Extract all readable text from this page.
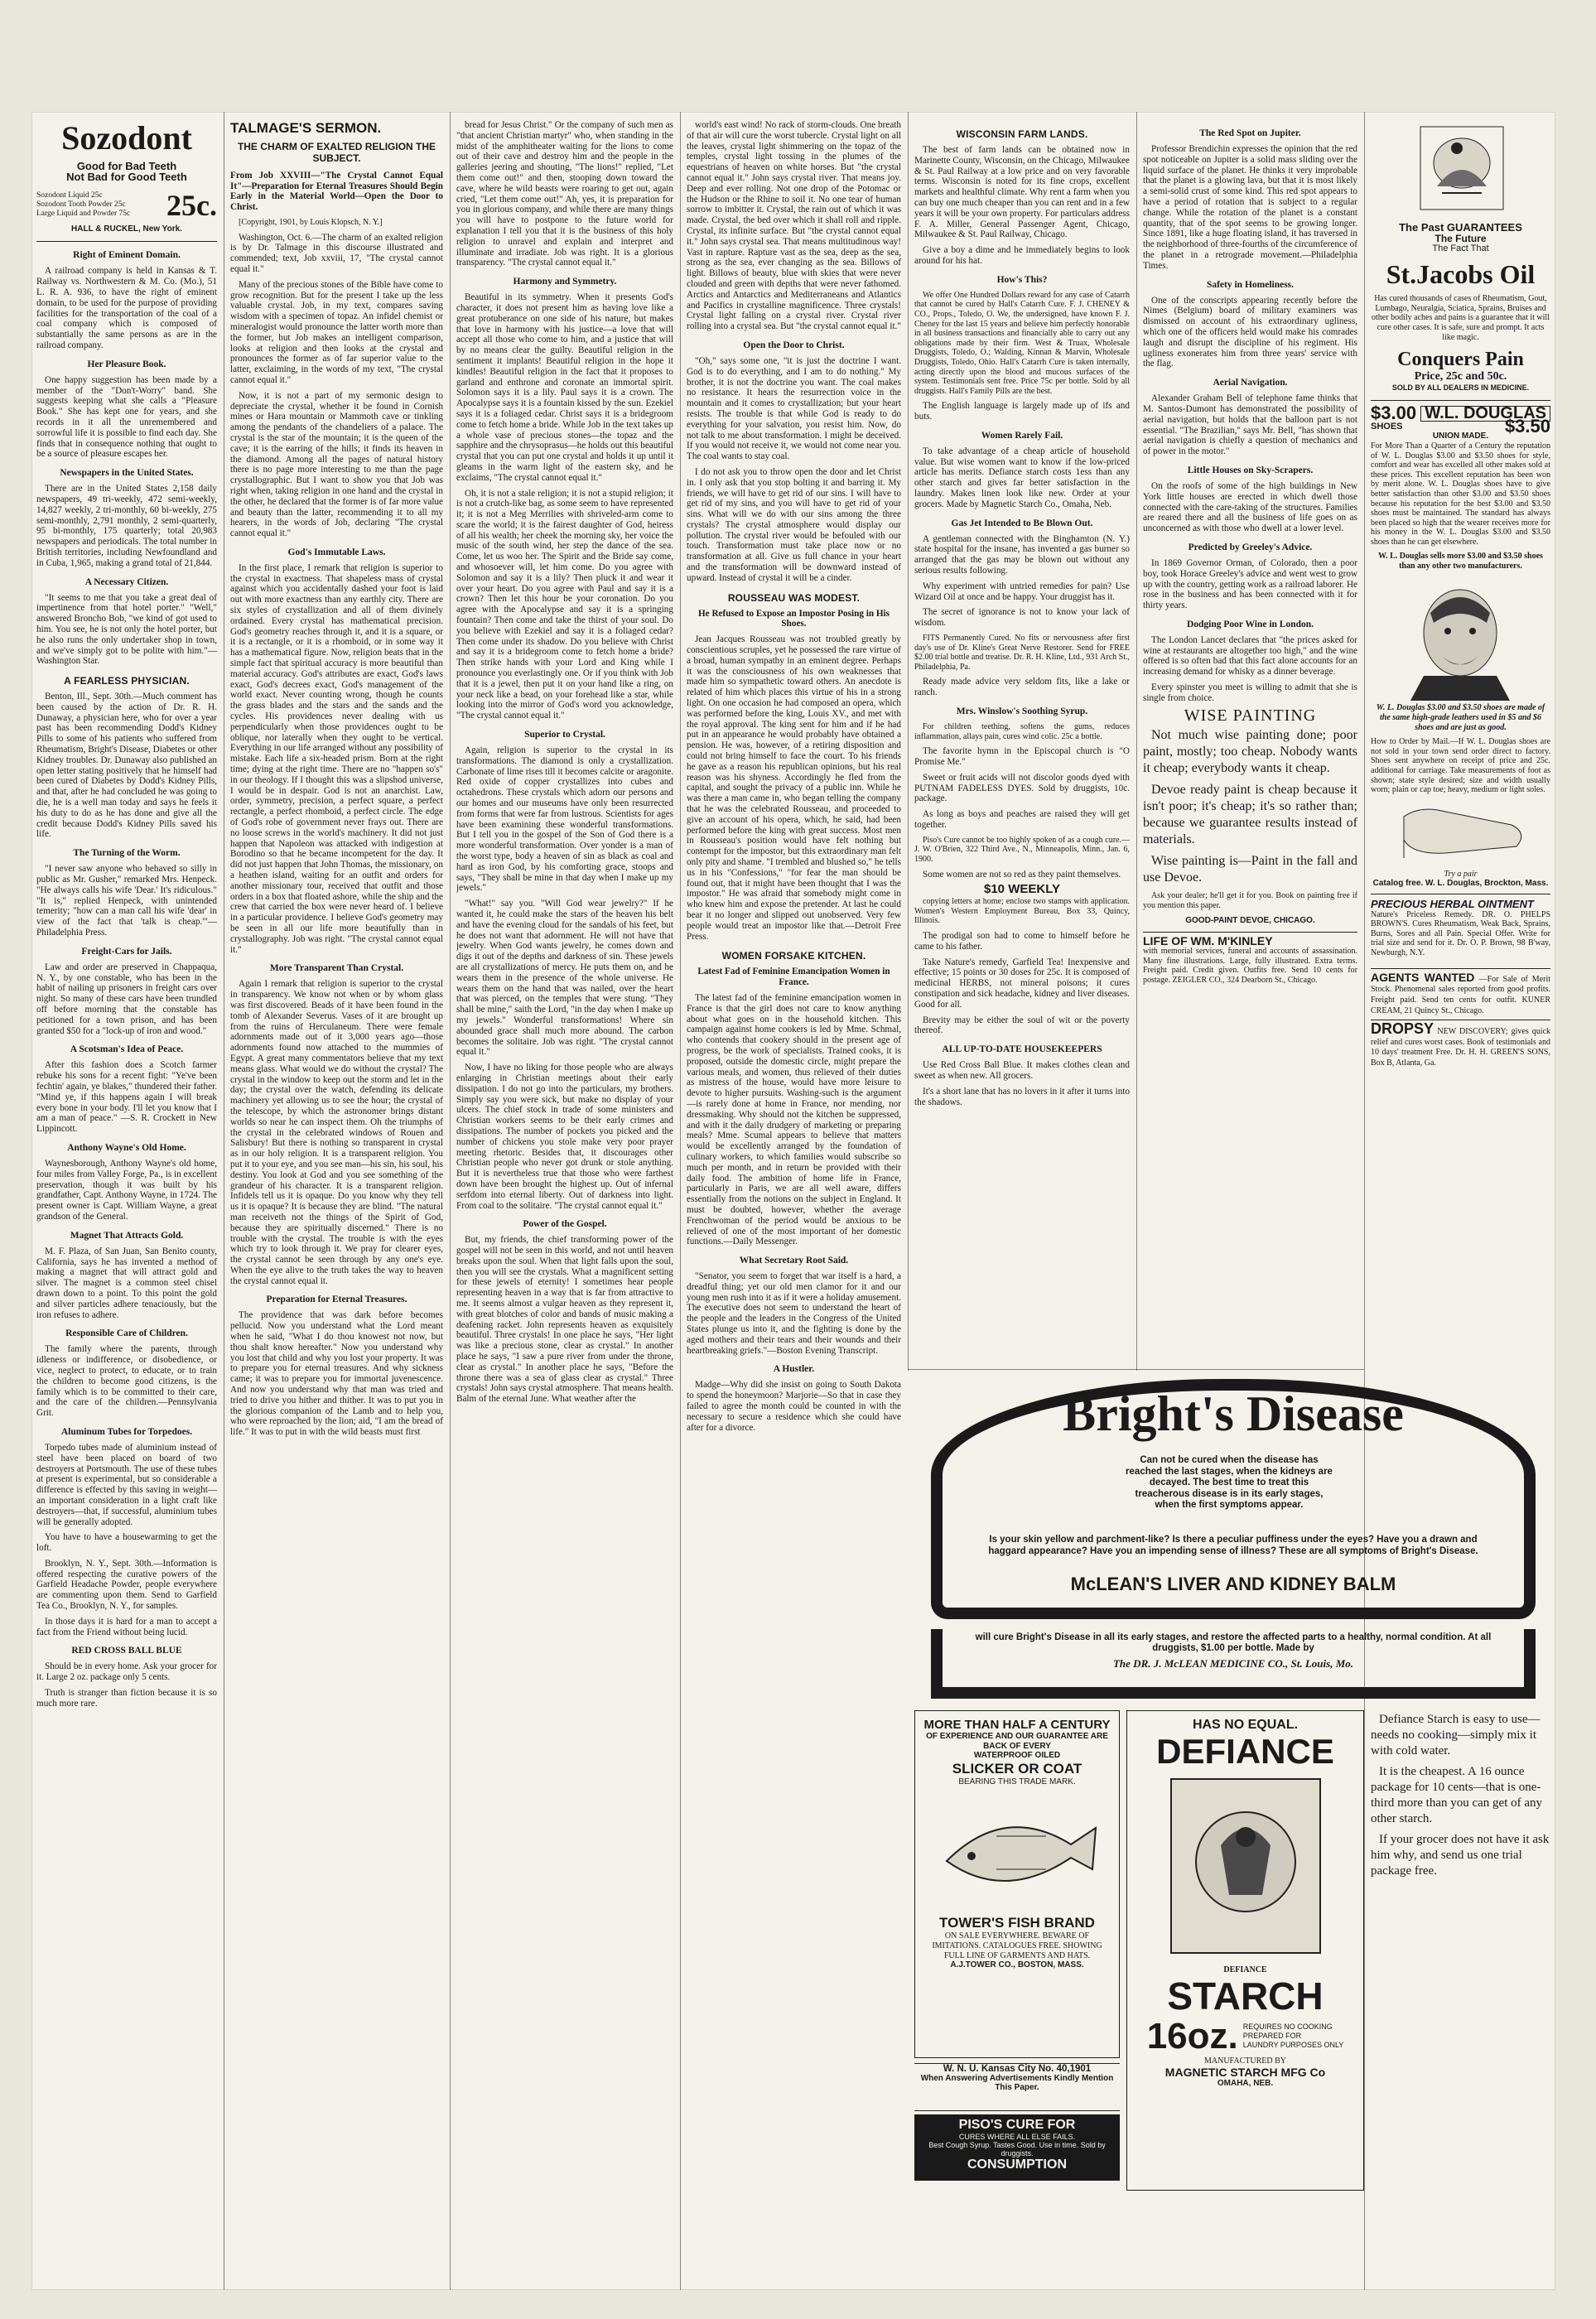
Sozodont
Good for Bad Teeth
Not Bad for Good Teeth
Sozodont Liquid 25c
Sozodont Tooth Powder 25c
Large Liquid and Powder 75c	25c.
HALL & RUCKEL, New York.
Right of Eminent Domain.

A railroad company is held in Kansas & T. Railway vs. Northwestern & M. Co. (Mo.), 51 L. R. A. 936, to have the right of eminent domain, to be used for the purpose of providing facilities for the transportation of the coal of a coal company which is composed of substantially the same persons as are in the railroad company.

Her Pleasure Book.

One happy suggestion has been made by a member of the "Don't-Worry" band. She suggests keeping what she calls a "Pleasure Book." She has kept one for years, and she records in it all the unremembered and sorrowful life it is possible to find each day. She finds that in consequence nothing that ought to be a source of pleasure escapes her.

Newspapers in the United States.

There are in the United States 2,158 daily newspapers, 49 tri-weekly, 472 semi-weekly, 14,827 weekly, 2 tri-monthly, 60 bi-weekly, 275 semi-monthly, 2,791 monthly, 2 semi-quarterly, 95 bi-monthly, 175 quarterly; total 20,983 newspapers and periodicals. The total number in British territories, including Newfoundland and in Cuba, 1,965, making a grand total of 21,844.

A Necessary Citizen.

"It seems to me that you take a great deal of impertinence from that hotel porter." "Well," answered Broncho Bob, "we kind of got used to him. You see, he is not only the hotel porter, but he also runs the only undertaker shop in town, and we've simply got to be polite with him."—Washington Star.

A FEARLESS PHYSICIAN.

Benton, Ill., Sept. 30th.—Much comment has been caused by the action of Dr. R. H. Dunaway, a physician here, who for over a year past has been recommending Dodd's Kidney Pills to some of his patients who suffered from Rheumatism, Bright's Disease, Diabetes or other Kidney troubles. Dr. Dunaway also published an open letter stating positively that he himself had been cured of Diabetes by Dodd's Kidney Pills, and that, after he had concluded he was going to die, he is a well man today and says he feels it his duty to do as he has done and give all the credit because Dodd's Kidney Pills saved his life.

The Turning of the Worm.

"I never saw anyone who behaved so silly in public as Mr. Gusher," remarked Mrs. Henpeck. "He always calls his wife 'Dear.' It's ridiculous." "It is," replied Henpeck, with unintended temerity; "how can a man call his wife 'dear' in view of the fact that 'talk is cheap.'"—Philadelphia Press.

Freight-Cars for Jails.

Law and order are preserved in Chappaqua, N. Y., by one constable, who has been in the habit of nailing up prisoners in freight cars over night. So many of these cars have been trundled off before morning that the constable has petitioned for a town prison, and has been granted $50 for a "lock-up of iron and wood."

A Scotsman's Idea of Peace.

After this fashion does a Scotch farmer rebuke his sons for a recent fight: "Ye've been fechtin' again, ye blakes," thundered their father. "Mind ye, if this happens again I will break every bone in your body. I'll let you know that I am a man of peace." —S. R. Crockett in New Lippincott.

Anthony Wayne's Old Home.

Waynesborough, Anthony Wayne's old home, four miles from Valley Forge, Pa., is in excellent preservation, though it was built by his grandfather, Capt. Anthony Wayne, in 1724. The present owner is Capt. William Wayne, a great grandson of the General.

Magnet That Attracts Gold.

M. F. Plaza, of San Juan, San Benito county, California, says he has invented a method of making a magnet that will attract gold and silver. The magnet is a common steel chisel drawn down to a point. To this point the gold and silver particles adhere tenaciously, but the iron refuses to adhere.

Responsible Care of Children.

The family where the parents, through idleness or indifference, or disobedience, or vice, neglect to protect, to educate, or to train the children to become good citizens, is the family which is to be committed to their care, and the care of the children.—Pennsylvania Grit.

Aluminum Tubes for Torpedoes.

Torpedo tubes made of aluminium instead of steel have been placed on board of two destroyers at Portsmouth. The use of these tubes at present is experimental, but so considerable a difference is effected by this saving in weight—an important consideration in a light craft like destroyers—that, if successful, aluminium tubes will be generally adopted.

You have to have a housewarming to get the loft.

Brooklyn, N. Y., Sept. 30th.—Information is offered respecting the curative powers of the Garfield Headache Powder, people everywhere are commenting upon them. Send to Garfield Tea Co., Brooklyn, N. Y., for samples.

In those days it is hard for a man to accept a fact from the Friend without being lucid.

RED CROSS BALL BLUE

Should be in every home. Ask your grocer for it. Large 2 oz. package only 5 cents.

Truth is stranger than fiction because it is so much more rare.

TALMAGE'S SERMON.
THE CHARM OF EXALTED RELIGION THE SUBJECT.

From Job XXVIII—"The Crystal Cannot Equal It"—Preparation for Eternal Treasures Should Begin Early in the Material World—Open the Door to Christ.

[Copyright, 1901, by Louis Klopsch, N. Y.]

Washington, Oct. 6.—The charm of an exalted religion is by Dr. Talmage in this discourse illustrated and commended; text, Job xxviii, 17, "The crystal cannot equal it."

Many of the precious stones of the Bible have come to grow recognition. But for the present I take up the less valuable crystal. Job, in my text, compares saving wisdom with a specimen of topaz. An infidel chemist or mineralogist would pronounce the latter worth more than the former, but Job makes an intelligent comparison, looks at religion and then looks at the crystal and pronounces the former as of far superior value to the latter, exclaiming, in the words of my text, "The crystal cannot equal it."

Now, it is not a part of my sermonic design to depreciate the crystal, whether it be found in Cornish mines or Hara mountain or Mammoth cave or tinkling among the pendants of the chandeliers of a palace. The crystal is the star of the mountain; it is the queen of the cave; it is the earring of the hills; it finds its heaven in the diamond. Among all the pages of natural history there is no page more interesting to me than the page crystallographic. But I want to show you that Job was right when, taking religion in one hand and the crystal in the other, he declared that the former is of far more value and beauty than the latter, recommending it to all my hearers, in the words of Job, declaring "The crystal cannot equal it."

God's Immutable Laws.

In the first place, I remark that religion is superior to the crystal in exactness. That shapeless mass of crystal against which you accidentally dashed your foot is laid out with more exactness than any earthly city. There are six styles of crystallization and all of them divinely ordained. Every crystal has mathematical precision. God's geometry reaches through it, and it is a square, or it is a rectangle, or it is a rhomboid, or in some way it has a mathematical figure. Now, religion beats that in the simple fact that spiritual accuracy is more beautiful than material accuracy. God's attributes are exact, God's laws exact, God's decrees exact, God's management of the world exact. Never counting wrong, though he counts the grass blades and the stars and the sands and the cycles. His providences never dealing with us perpendicularly when those providences ought to be oblique, nor laterally when they ought to be vertical. Everything in our life arranged without any possibility of mistake. Each life a six-headed prism. Born at the right time; dying at the right time. There are no "happen so's" in our theology. If I thought this was a slipshod universe, I would be in despair. God is not an anarchist. Law, order, symmetry, precision, a perfect square, a perfect rectangle, a perfect rhomboid, a perfect circle. The edge of God's robe of government never frays out. There are no loose screws in the world's machinery. It did not just happen that Napoleon was attacked with indigestion at Borodino so that he became incompetent for the day. It did not just happen that John Thomas, the missionary, on a heathen island, waiting for an outfit and orders for another missionary tour, received that outfit and those orders in a box that floated ashore, while the ship and the crew that carried the box were never heard of. I believe in a particular providence. I believe God's geometry may be seen in all our life more beautifully than in crystallography. Job was right. "The crystal cannot equal it."

More Transparent Than Crystal.

Again I remark that religion is superior to the crystal in transparency. We know not when or by whom glass was first discovered. Beads of it have been found in the tomb of Alexander Severus. Vases of it are brought up from the ruins of Herculaneum. There were female adornments made out of it 3,000 years ago—those adornments found now attached to the mummies of Egypt. A great many commentators believe that my text means glass. What would we do without the crystal? The crystal in the window to keep out the storm and let in the day; the crystal over the watch, defending its delicate machinery yet allowing us to see the hour; the crystal of the telescope, by which the astronomer brings distant worlds so near he can inspect them. Oh the triumphs of the crystal in the celebrated windows of Rouen and Salisbury! But there is nothing so transparent in crystal as in our holy religion. It is a transparent religion. You put it to your eye, and you see man—his sin, his soul, his destiny. You look at God and you see something of the grandeur of his character. It is a transparent religion. Infidels tell us it is opaque. Do you know why they tell us it is opaque? It is because they are blind. "The natural man receiveth not the things of the Spirit of God, because they are spiritually discerned." There is no trouble with the crystal. The trouble is with the eyes which try to look through it. We pray for clearer eyes, the crystal cannot be seen through by any one's eye. When the eye alive to the truth takes the way to heaven the crystal cannot equal it.

Preparation for Eternal Treasures.

The providence that was dark before becomes pellucid. Now you understand what the Lord meant when he said, "What I do thou knowest not now, but thou shalt know hereafter." Now you understand why you lost that child and why you lost your property. It was to prepare you for eternal treasures. And why sickness came; it was to prepare you for immortal juvenescence. And now you understand why that man was tried and tried to drive you hither and thither. It was to put you in the glorious companion of the Lamb and to help you, who were reproached by the lion; aid, "I am the bread of life." It was to put in with the wild beasts must first

bread for Jesus Christ." Or the company of such men as "that ancient Christian martyr" who, when standing in the midst of the amphitheater waiting for the lions to come out of their cave and destroy him and the people in the galleries jeering and shouting, "The lions!" replied, "Let them come out!" and then, stooping down toward the cave, where he wild beasts were roaring to get out, again cried, "Let them come out!" Ah, yes, it is preparation for you in glorious company, and while there are many things you will have to postpone to the future world for explanation I tell you that it is the business of this holy religion to unravel and explain and interpret and illuminate and irradiate. Job was right. It is a glorious transparency. "The crystal cannot equal it."

Harmony and Symmetry.

Beautiful in its symmetry. When it presents God's character, it does not present him as having love like a great protuberance on one side of his nature, but makes that love in harmony with his justice—a love that will accept all those who come to him, and a justice that will by no means clear the guilty. Beautiful religion in the sentiment it implants! Beautiful religion in the hope it kindles! Beautiful religion in the fact that it proposes to garland and enthrone and coronate an immortal spirit. Solomon says it is a lily. Paul says it is a crown. The Apocalypse says it is a fountain kissed by the sun. Ezekiel says it is a foliaged cedar. Christ says it is a bridegroom come to fetch home a bride. While Job in the text takes up a whole vase of precious stones—the topaz and the sapphire and the chrysoprasus—he holds out this beautiful crystal that you can put one crystal and holds it up until it gleams in the warm light of the eastern sky, and he exclaims, "The crystal cannot equal it."

Oh, it is not a stale religion; it is not a stupid religion; it is not a crutch-like bag, as some seem to have represented it; it is not a Meg Merrilies with shriveled-arm come to scare the world; it is the fairest daughter of God, heiress of all his wealth; her cheek the morning sky, her voice the music of the south wind, her step the dance of the sea. Come, let us woo her. The Spirit and the Bride say come, and whosoever will, let him come. Do you agree with Solomon and say it is a lily? Then pluck it and wear it over your heart. Do you agree with Paul and say it is a crown? Then let this hour be your coronation. Do you agree with the Apocalypse and say it is a springing fountain? Then come and take the thirst of your soul. Do you believe with Ezekiel and say it is a foliaged cedar? Then come under its shadow. Do you believe with Christ and say it is a bridegroom come to fetch home a bride? Then strike hands with your Lord and King while I pronounce you everlastingly one. Or if you think with Job that it is a jewel, then put it on your hand like a ring, on your neck like a bead, on your forehead like a star, while looking into the mirror of God's word you acknowledge, "The crystal cannot equal it."

Superior to Crystal.

Again, religion is superior to the crystal in its transformations. The diamond is only a crystallization. Carbonate of lime rises till it becomes calcite or aragonite. Red oxide of copper crystallizes into cubes and octahedrons. These crystals which adorn our persons and our homes and our museums have only been resurrected from forms that were far from lustrous. Scientists for ages have been examining these wonderful transformations. But I tell you in the gospel of the Son of God there is a more wonderful transformation. Over yonder is a man of the worst type, body a heaven of sin as black as coal and hard as iron God, by his comforting grace, stoops and says, "They shall be mine in that day when I make up my jewels."

"What!" say you. "Will God wear jewelry?" If he wanted it, he could make the stars of the heaven his belt and have the evening cloud for the sandals of his feet, but he does not want that adornment. He will not have that jewelry. When God wants jewelry, he comes down and digs it out of the depths and darkness of sin. These jewels are all crystallizations of mercy. He puts them on, and he wears them in the presence of the whole universe. He wears them on the hand that was nailed, over the heart that was pierced, on the temples that were stung. "They shall be mine," saith the Lord, "in the day when I make up my jewels." Wonderful transformations! Where sin abounded grace shall much more abound. The carbon becomes the solitaire. Job was right. "The crystal cannot equal it."

Now, I have no liking for those people who are always enlarging in Christian meetings about their early dissipation. I do not go into the particulars, my brothers. Simply say you were sick, but make no display of your ulcers. The chief stock in trade of some ministers and Christian workers seems to be their early crimes and dissipations. The number of pockets you picked and the number of chickens you stole make very poor prayer meeting rhetoric. Besides that, it discourages other Christian people who never got drunk or stole anything. But it is nevertheless true that those who were farthest down have been brought the highest up. Out of infernal serfdom into eternal liberty. Out of darkness into light. From coal to the solitaire. "The crystal cannot equal it."

Power of the Gospel.

But, my friends, the chief transforming power of the gospel will not be seen in this world, and not until heaven breaks upon the soul. When that light falls upon the soul, then you will see the crystals. What a magnificent setting for these jewels of eternity! I sometimes hear people representing heaven in a way that is far from attractive to me. It seems almost a vulgar heaven as they represent it, with great blotches of color and bands of music making a deafening racket. John represents heaven as exquisitely beautiful. Three crystals! In one place he says, "Her light was like a precious stone, clear as crystal." In another place he says, "I saw a pure river from under the throne, clear as crystal." In another place he says, "Before the throne there was a sea of glass clear as crystal." Three crystals! John says crystal atmosphere. That means health. Balm of the eternal June. What weather after the

world's east wind! No rack of storm-clouds. One breath of that air will cure the worst tubercle. Crystal light on all the leaves, crystal light shimmering on the topaz of the temples, crystal light tossing in the plumes of the equestrians of heaven on white horses. But "the crystal cannot equal it." John says crystal river. That means joy. Deep and ever rolling. Not one drop of the Potomac or the Hudson or the Rhine to soil it. No one tear of human sorrow to imbitter it. Crystal, the rain out of which it was made. Crystal, the bed over which it shall roll and ripple. Crystal, its infinite surface. But "the crystal cannot equal it." John says crystal sea. That means multitudinous way! Vast in rapture. Rapture vast as the sea, deep as the sea, strong as the sea, ever changing as the sea. Billows of light. Billows of beauty, blue with skies that were never clouded and green with depths that were never fathomed. Arctics and Antarctics and Mediterraneans and Atlantics and Pacifics in crystalline magnificence. Three crystals! Crystal light falling on a crystal river. Crystal river rolling into a crystal sea. But "the crystal cannot equal it."

Open the Door to Christ.

"Oh," says some one, "it is just the doctrine I want. God is to do everything, and I am to do nothing." My brother, it is not the doctrine you want. The coal makes no resistance. It hears the resurrection voice in the mountain and it comes to crystallization; but your heart resists. The trouble is that while God is ready to do everything for your salvation, you resist him. Now, do not talk to me about transformation. I might be deceived. If you would not receive it, we would not come near you. The coal wants to stay coal.

I do not ask you to throw open the door and let Christ in. I only ask that you stop bolting it and barring it. My friends, we will have to get rid of our sins. I will have to get rid of my sins, and you will have to get rid of your sins. What will we do with our sins among the three crystals? The crystal atmosphere would display our pollution. The crystal river would be befouled with our touch. Transformation must take place now or no transformation at all. Give us full chance in your heart and the transformation will be downward instead of upward. Instead of crystal it will be a cinder.

ROUSSEAU WAS MODEST.

He Refused to Expose an Impostor Posing in His Shoes.

Jean Jacques Rousseau was not troubled greatly by conscientious scruples, yet he possessed the rare virtue of a broad, human sympathy in an eminent degree. Perhaps it was the consciousness of his own weaknesses that made him so sympathetic toward others. An anecdote is related of him which places this virtue of his in a strong light. On one occasion he had composed an opera, which was performed before the king, Louis XV., and met with the royal approval. The king sent for him and if he had put in an appearance he would probably have obtained a pension. He was, however, of a retiring disposition and could not bring himself to face the court. To his friends he gave as a reason his republican opinions, but his real reason was his shyness. Accordingly he fled from the capital, and sought the privacy of a public inn. While he was there a man came in, who began telling the company that he was the celebrated Rousseau, and proceeded to give an account of his opera, which, he said, had been performed before the king with great success. Most men in Rousseau's position would have felt nothing but contempt for the impostor, but this extraordinary man felt only pity and shame. "I trembled and blushed so," he tells us in his "Confessions," "for fear the man should be found out, that it might have been thought that I was the impostor." He was afraid that somebody might come in who knew him and expose the pretender. At last he could bear it no longer and slipped out unobserved. Very few people would treat an impostor like that.—Detroit Free Press.

WOMEN FORSAKE KITCHEN.

Latest Fad of Feminine Emancipation Women in France.

The latest fad of the feminine emancipation women in France is that the girl does not care to know anything about what goes on in the household kitchen. This campaign against home cookers is led by Mme. Schmal, who contends that cookery should in the present age of progress, be the work of specialists. Trained cooks, it is proposed, outside the domestic circle, might prepare the various meals, and women, thus relieved of their duties as mistress of the house, would have more leisure to devote to higher pursuits. Washing-such is the argument—is rarely done at home in France, nor mending, nor dressmaking. Why should not the kitchen be suppressed, and with it the daily drudgery of marketing or preparing meals? Mme. Scumal appears to believe that matters would be excellently arranged by the foundation of culinary workers, to which families would subscribe so much per month, and in return be provided with their daily food. The ambition of home life in France, particularly in Paris, we are all well aware, differs essentially from the notions on the subject in England. It must be doubted, however, whether the average Frenchwoman of the period would be anxious to be relieved of one of the most important of her domestic functions.—Daily Messenger.

What Secretary Root Said.

"Senator, you seem to forget that war itself is a hard, a dreadful thing; yet our old men clamor for it and our young men rush into it as if it were a holiday amusement. The executive does not seem to understand the heart of the people and the leaders in the Congress of the United States plunge us into it, and the fighting is done by the aged mothers and their tears and their wounds and their heartbreaking griefs."—Boston Evening Transcript.

A Hustler.

Madge—Why did she insist on going to South Dakota to spend the honeymoon? Marjorie—So that in case they failed to agree the month could be counted in with the necessary to secure a residence which she could have after for a divorce.

WISCONSIN FARM LANDS.

The best of farm lands can be obtained now in Marinette County, Wisconsin, on the Chicago, Milwaukee & St. Paul Railway at a low price and on very favorable terms. Wisconsin is noted for its fine crops, excellent markets and healthful climate. Why rent a farm when you can buy one much cheaper than you can rent and in a few years it will be your own property. For particulars address F. A. Miller, General Passenger Agent, Chicago, Milwaukee & St. Paul Railway, Chicago.

Give a boy a dime and he immediately begins to look around for his hat.

How's This?

We offer One Hundred Dollars reward for any case of Catarrh that cannot be cured by Hall's Catarrh Cure. F. J. CHENEY & CO., Props., Toledo, O. We, the undersigned, have known F. J. Cheney for the last 15 years and believe him perfectly honorable in all business transactions and financially able to carry out any obligations made by their firm. West & Truax, Wholesale Druggists, Toledo, O.; Walding, Kinnan & Marvin, Wholesale Druggists, Toledo, Ohio. Hall's Catarrh Cure is taken internally, acting directly upon the blood and mucous surfaces of the system. Testimonials sent free. Price 75c per bottle. Sold by all druggists. Hall's Family Pills are the best.

The English language is largely made up of ifs and buts.

Women Rarely Fail.

To take advantage of a cheap article of household value. But wise women want to know if the low-priced article has merits. Defiance starch costs 1ess than any other starch and gives far better satisfaction in the laundry. Makes linen look like new. Order at your grocers. Made by Magnetic Starch Co., Omaha, Neb.

Gas Jet Intended to Be Blown Out.

A gentleman connected with the Binghamton (N. Y.) state hospital for the insane, has invented a gas burner so arranged that the gas may be blown out without any serious results following.

Why experiment with untried remedies for pain? Use Wizard Oil at once and be happy. Your druggist has it.

The secret of ignorance is not to know your lack of wisdom.

FITS Permanently Cured. No fits or nervousness after first day's use of Dr. Kline's Great Nerve Restorer. Send for FREE $2.00 trial bottle and treatise. Dr. R. H. Kline, Ltd., 931 Arch St., Philadelphia, Pa.

Ready made advice very seldom fits, like a lake or ranch.

Mrs. Winslow's Soothing Syrup.

For children teething, softens the gums, reduces inflammation, allays pain, cures wind colic. 25c a bottle.

The favorite hymn in the Episcopal church is "O Promise Me."

Sweet or fruit acids will not discolor goods dyed with PUTNAM FADELESS DYES. Sold by druggists, 10c. package.

As long as boys and peaches are raised they will get together.

Piso's Cure cannot be too highly spoken of as a cough cure.—J. W. O'Brien, 322 Third Ave., N., Minneapolis, Minn., Jan. 6, 1900.

Some women are not so red as they paint themselves.

$10 WEEKLY

copying letters at home; enclose two stamps with application. Women's Western Employment Bureau, Box 33, Quincy, Illinois.

The prodigal son had to come to himself before he came to his father.

Take Nature's remedy, Garfield Tea! Inexpensive and effective; 15 points or 30 doses for 25c. It is composed of medicinal HERBS, not mineral poisons; it cures constipation and sick headache, kidney and liver diseases. Good for all.

Brevity may be either the soul of wit or the poverty thereof.

ALL UP-TO-DATE HOUSEKEEPERS

Use Red Cross Ball Blue. It makes clothes clean and sweet as when new. All grocers.

It's a short lane that has no lovers in it after it turns into the shadows.

The Red Spot on Jupiter.

Professor Brendichin expresses the opinion that the red spot noticeable on Jupiter is a solid mass sliding over the liquid surface of the planet. He thinks it very improbable that the planet is a glowing lava, but that it is most likely a semi-solid crust of some kind. This red spot appears to have a period of rotation that is subject to a regular change. While the rotation of the planet is a constant quantity, that of the spot seems to be growing longer. Since 1891, like a huge floating island, it has traversed in the neighborhood of three-fourths of the circumference of the planet in a retrograde movement.—Philadelphia Times.

Safety in Homeliness.

One of the conscripts appearing recently before the Nimes (Belgium) board of military examiners was dismissed on account of his extraordinary ugliness, which one of the officers held would make his comrades laugh and disrupt the discipline of his regiment. His ugliness exonerates him from three years' service with the flag.

Aerial Navigation.

Alexander Graham Bell of telephone fame thinks that M. Santos-Dumont has demonstrated the possibility of aerial navigation, but holds that the balloon part is not essential. "The Brazilian," says Mr. Bell, "has shown that aerial navigation is chiefly a question of mechanics and of power in the motor."

Little Houses on Sky-Scrapers.

On the roofs of some of the high buildings in New York little houses are erected in which dwell those connected with the care-taking of the structures. Families are reared there and all the business of life goes on as unconcerned as with those who dwell at a lower level.

Predicted by Greeley's Advice.

In 1869 Governor Orman, of Colorado, then a poor boy, took Horace Greeley's advice and went west to grow up with the country, getting work as a railroad laborer. He rose in the business and has been connected with it for thirty years.

Dodging Poor Wine in London.

The London Lancet declares that "the prices asked for wine at restaurants are altogether too high," and the wine offered is so often bad that this fact alone accounts for an increasing demand for whisky as a dinner beverage.

Every spinster you meet is willing to admit that she is single from choice.

WISE PAINTING

Not much wise painting done; poor paint, mostly; too cheap. Nobody wants it cheap; everybody wants it cheap.

Devoe ready paint is cheap because it isn't poor; it's cheap; it's so rather than; because we guarantee results instead of materials.

Wise painting is—Paint in the fall and use Devoe.

Ask your dealer; he'll get it for you. Book on painting free if you mention this paper.

GOOD-PAINT DEVOE, CHICAGO.
LIFE OF WM. M'KINLEY

with memorial services, funeral and accounts of assassination. Many fine illustrations. Large, fully illustrated. Extra terms. Freight paid. Credit given. Outfits free. Send 10 cents for postage. ZEIGLER CO., 324 Dearborn St., Chicago.

The Past GUARANTEES
The Future
The Fact That
St.Jacobs Oil

Has cured thousands of cases of Rheumatism, Gout, Lumbago, Neuralgia, Sciatica, Sprains, Bruises and other bodily aches and pains is a guarantee that it will cure other cases. It is safe, sure and prompt. It acts like magic.

Conquers Pain
Price, 25c and 50c.
SOLD BY ALL DEALERS IN MEDICINE.
$3.00 W.L. DOUGLAS
SHOES	$3.50
UNION MADE.

For More Than a Quarter of a Century the reputation of W. L. Douglas $3.00 and $3.50 shoes for style, comfort and wear has excelled all other makes sold at these prices. This excellent reputation has been won by merit alone. W. L. Douglas shoes have to give better satisfaction than other $3.00 and $3.50 shoes because his reputation for the best $3.00 and $3.50 shoes must be maintained. The standard has always been placed so high that the wearer receives more for his money in the W. L. Douglas $3.00 and $3.50 shoes than he can get elsewhere.

W. L. Douglas sells more $3.00 and $3.50 shoes than any other two manufacturers.

W. L. Douglas $3.00 and $3.50 shoes are made of the same high-grade leathers used in $5 and $6 shoes and are just as good.

How to Order by Mail.—If W. L. Douglas shoes are not sold in your town send order direct to factory. Shoes sent anywhere on receipt of price and 25c. additional for carriage. Take measurements of foot as shown; state style desired; size and width usually worn; plain or cap toe; heavy, medium or light soles.

Try a pair
Catalog free. W. L. Douglas, Brockton, Mass.
PRECIOUS HERBAL OINTMENT

Nature's Priceless Remedy. DR. O. PHELPS BROWN'S. Cures Rheumatism, Weak Back, Sprains, Burns, Sores and all Pain. Special Offer. Write for trial size and send for it. Dr. O. P. Brown, 98 B'way, Newburgh, N.Y.

AGENTS WANTED —For Sale of Merit Stock. Phenomenal sales reported from good profits. Freight paid. Send ten cents for outfit. KUNER CREAM, 21 Quincy St., Chicago.
DROPSY NEW DISCOVERY; gives quick relief and cures worst cases. Book of testimonials and 10 days' treatment Free. Dr. H. H. GREEN'S SONS, Box B, Atlanta, Ga.
Bright's Disease
Can not be cured when the disease has reached the last stages, when the kidneys are decayed. The best time to treat this treacherous disease is in its early stages, when the first symptoms appear.
Is your skin yellow and parchment-like? Is there a peculiar puffiness under the eyes? Have you a drawn and haggard appearance? Have you an impending sense of illness? These are all symptoms of Bright's Disease.
McLEAN'S LIVER AND KIDNEY BALM
will cure Bright's Disease in all its early stages, and restore the affected parts to a healthy, normal condition. At all druggists, $1.00 per bottle. Made by
The DR. J. McLEAN MEDICINE CO., St. Louis, Mo.
MORE THAN HALF A CENTURY
OF EXPERIENCE AND OUR GUARANTEE ARE BACK OF EVERY
WATERPROOF OILED
SLICKER OR COAT
BEARING THIS TRADE MARK.
TOWER'S FISH BRAND
ON SALE EVERYWHERE. BEWARE OF IMITATIONS. CATALOGUES FREE. SHOWING FULL LINE OF GARMENTS AND HATS.
A.J.TOWER CO., BOSTON, MASS.
W. N. U. Kansas City No. 40,1901
When Answering Advertisements Kindly Mention This Paper.
PISO'S CURE FOR
CURES WHERE ALL ELSE FAILS.
Best Cough Syrup. Tastes Good. Use in time. Sold by druggists.
CONSUMPTION
HAS NO EQUAL.
DEFIANCE
DEFIANCE
STARCH
16oz. REQUIRES NO COOKING
PREPARED FOR
LAUNDRY PURPOSES ONLY
MANUFACTURED BY
MAGNETIC STARCH MFG Co
OMAHA, NEB.

Defiance Starch is easy to use—needs no cooking—simply mix it with cold water.

It is the cheapest. A 16 ounce package for 10 cents—that is one-third more than you can get of any other starch.

If your grocer does not have it ask him why, and send us one trial package free.
